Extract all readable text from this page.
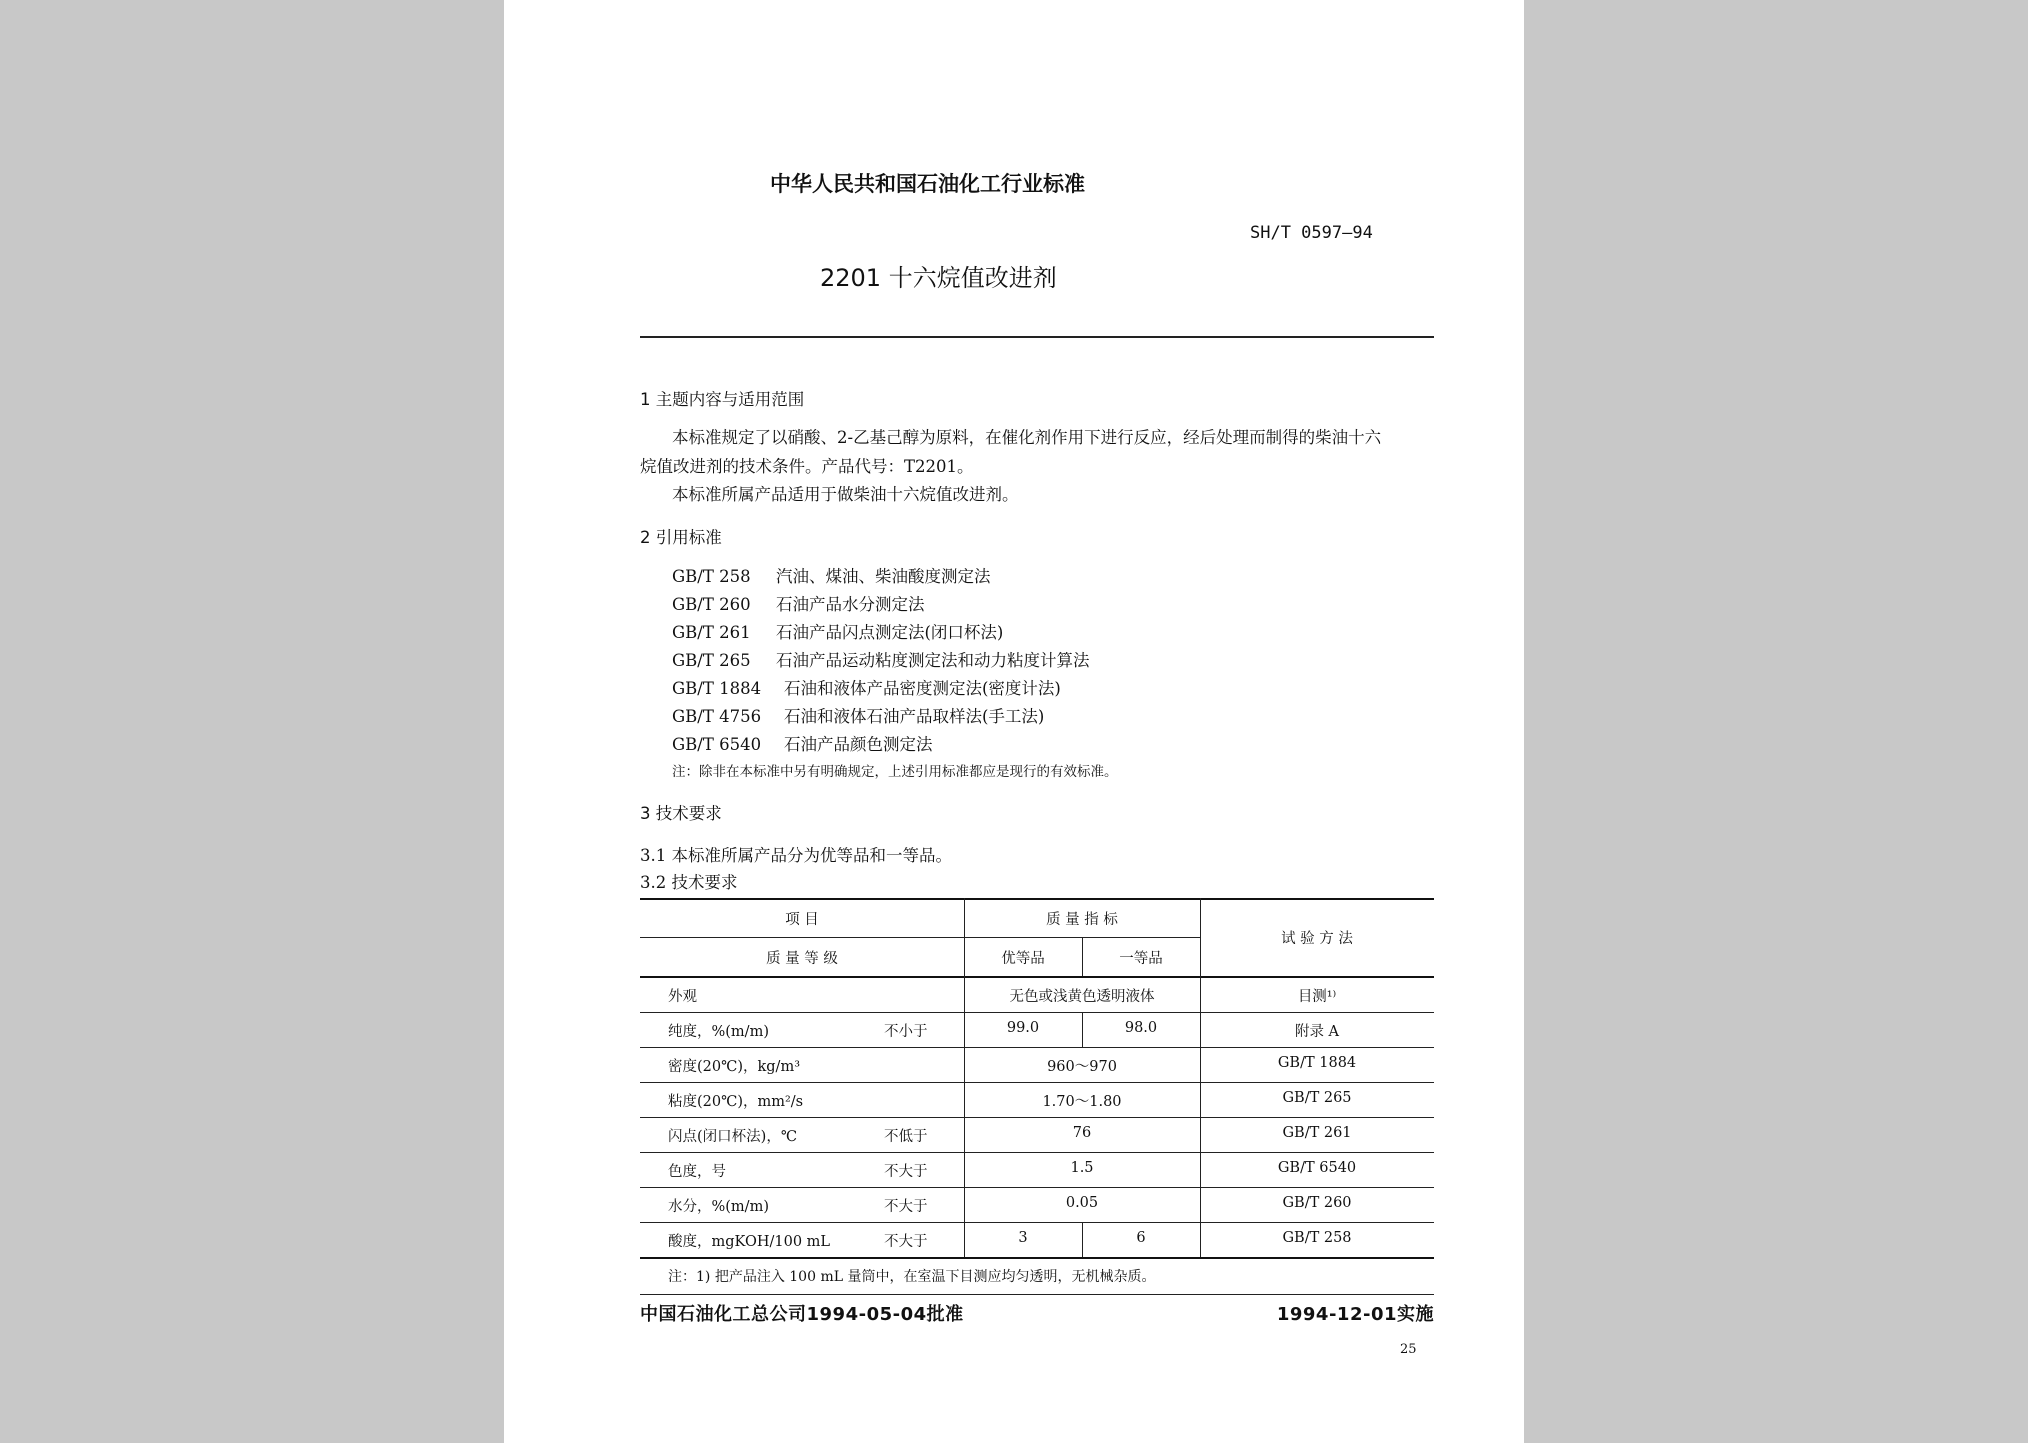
中华人民共和国石油化工行业标准
SH/T 0597—94
2201 十六烷值改进剂
1 主题内容与适用范围
本标准规定了以硝酸、2-乙基己醇为原料，在催化剂作用下进行反应，经后处理而制得的柴油十六
烷值改进剂的技术条件。产品代号：T2201。
本标准所属产品适用于做柴油十六烷值改进剂。
2 引用标准
GB/T 258 汽油、煤油、柴油酸度测定法
GB/T 260 石油产品水分测定法
GB/T 261 石油产品闪点测定法(闭口杯法)
GB/T 265 石油产品运动粘度测定法和动力粘度计算法
GB/T 1884 石油和液体产品密度测定法(密度计法)
GB/T 4756 石油和液体石油产品取样法(手工法)
GB/T 6540 石油产品颜色测定法
注：除非在本标准中另有明确规定，上述引用标准都应是现行的有效标准。
3 技术要求
3.1 本标准所属产品分为优等品和一等品。
3.2 技术要求
项 目	质 量 指 标
试 验 方 法
质 量 等 级	优等品	一等品
外观	无色或浅黄色透明液体	目测¹⁾
纯度，%(m/m)	不小于	99.0	98.0	附录 A
密度(20℃)，kg/m³	960～970	GB/T 1884
粘度(20℃)，mm²/s	1.70～1.80	GB/T 265
闪点(闭口杯法)，℃	不低于	76	GB/T 261
色度，号	不大于	1.5	GB/T 6540
水分，%(m/m)	不大于	0.05	GB/T 260
酸度，mgKOH/100 mL	不大于	3	6	GB/T 258
注：1) 把产品注入 100 mL 量筒中，在室温下目测应均匀透明，无机械杂质。
中国石油化工总公司1994-05-04批准	1994-12-01实施
25
